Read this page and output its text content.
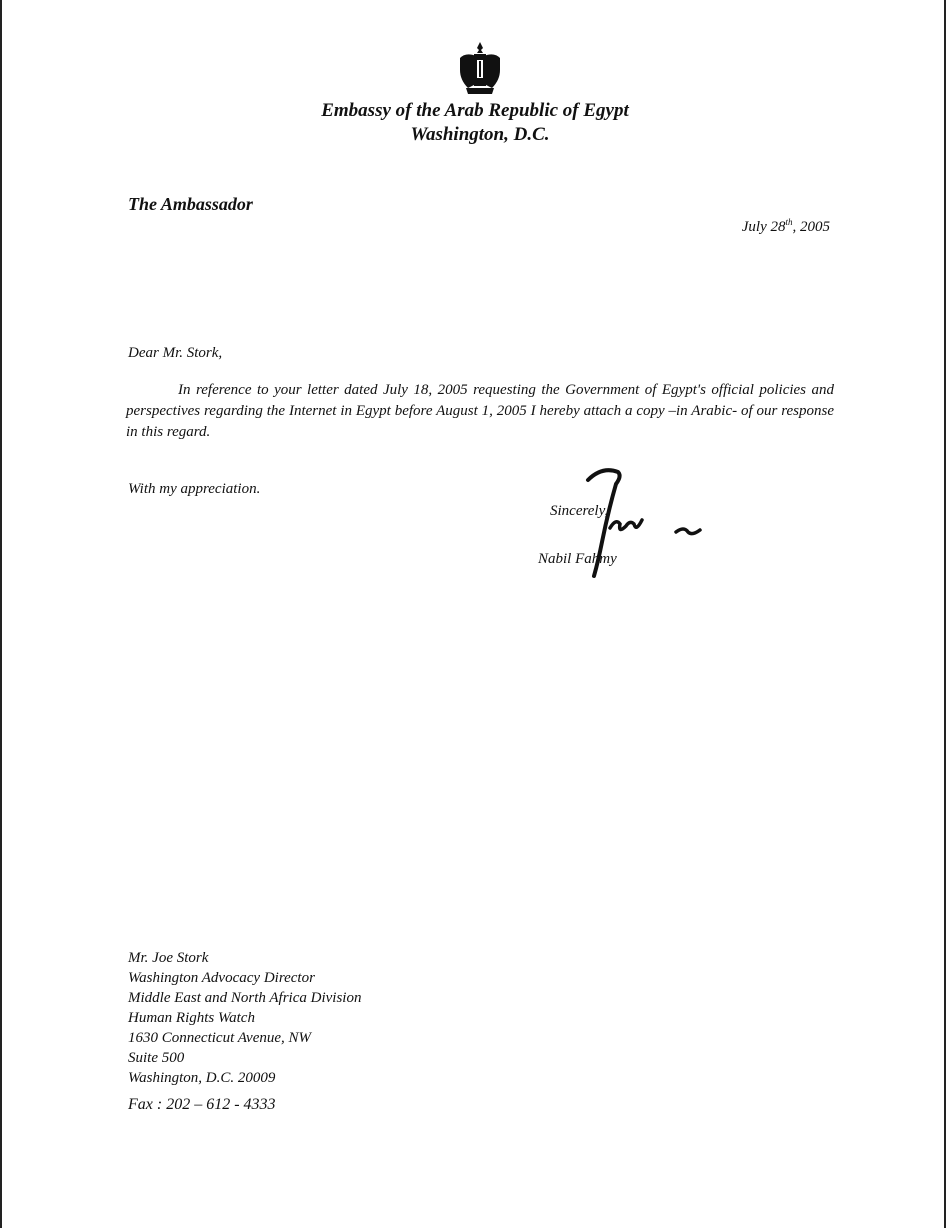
Embassy of the Arab Republic of Egypt
Washington, D.C.
The Ambassador
July 28th, 2005
Dear Mr. Stork,
In reference to your letter dated July 18, 2005 requesting the Government of Egypt's official policies and perspectives regarding the Internet in Egypt before August 1, 2005 I hereby attach a copy –in Arabic- of our response in this regard.
With my appreciation.
Sincerely,
Nabil Fahmy
Mr. Joe Stork
Washington Advocacy Director
Middle East and North Africa Division
Human Rights Watch
1630 Connecticut Avenue, NW
Suite 500
Washington, D.C. 20009
Fax : 202 – 612 - 4333
